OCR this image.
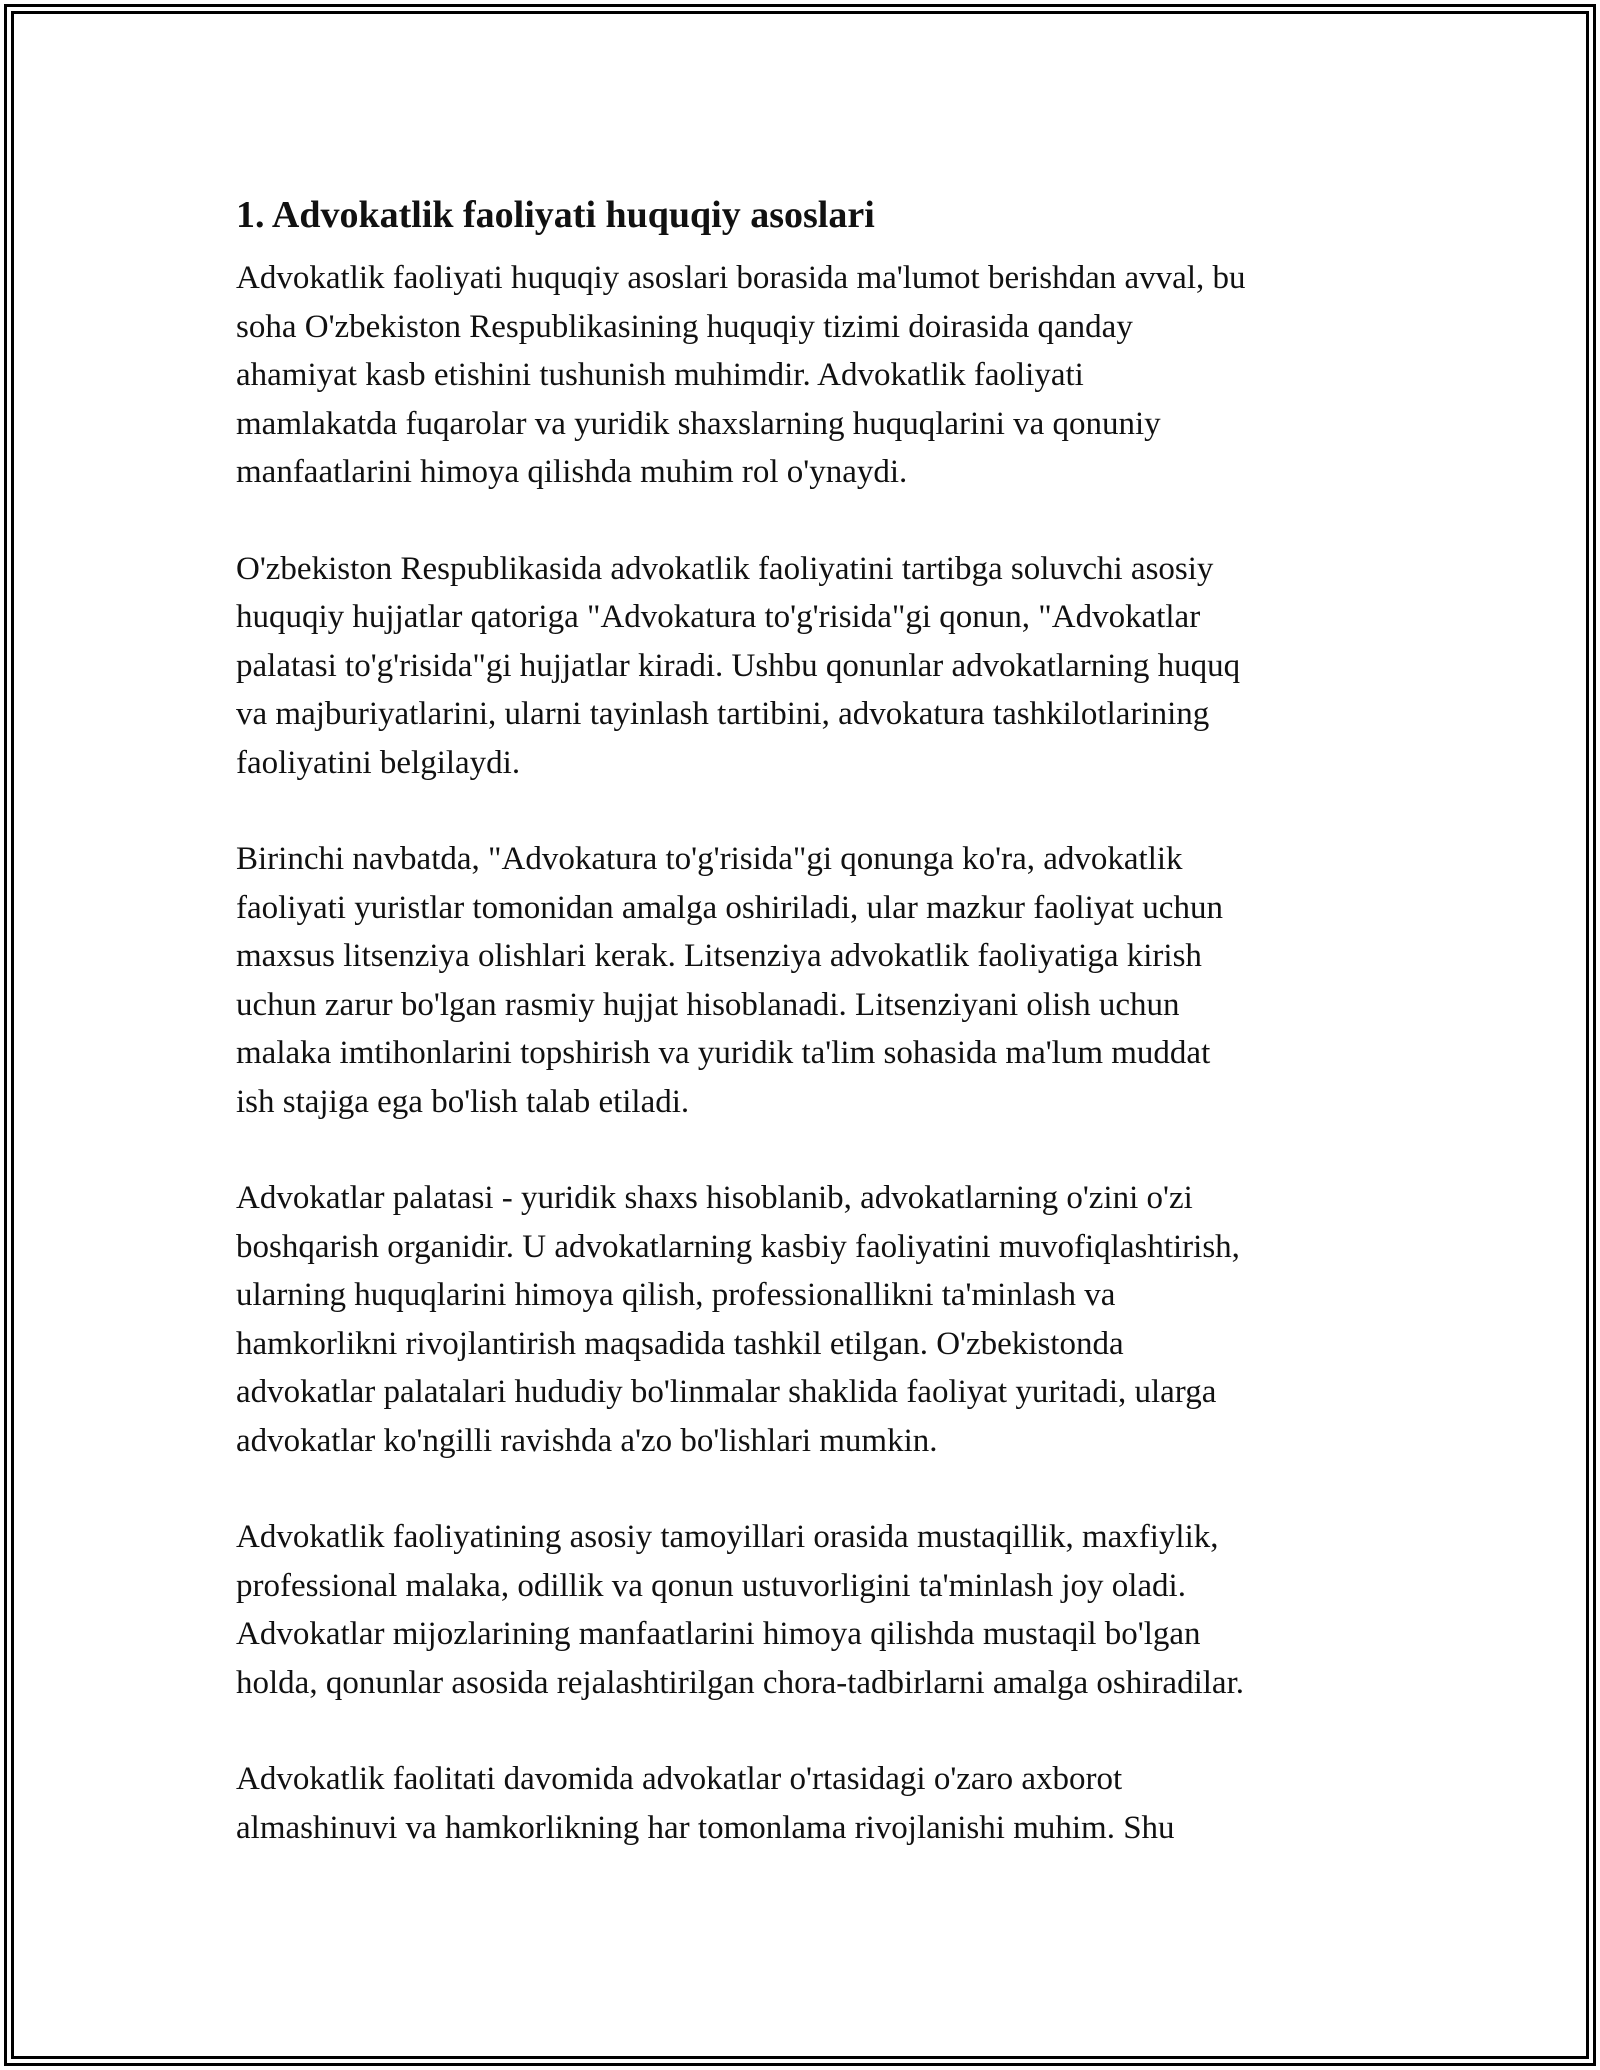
1. Advokatlik faoliyati huquqiy asoslari

Advokatlik faoliyati huquqiy asoslari borasida ma'lumot berishdan avval, bu
soha O'zbekiston Respublikasining huquqiy tizimi doirasida qanday
ahamiyat kasb etishini tushunish muhimdir. Advokatlik faoliyati
mamlakatda fuqarolar va yuridik shaxslarning huquqlarini va qonuniy
manfaatlarini himoya qilishda muhim rol o'ynaydi.

O'zbekiston Respublikasida advokatlik faoliyatini tartibga soluvchi asosiy
huquqiy hujjatlar qatoriga "Advokatura to'g'risida"gi qonun, "Advokatlar
palatasi to'g'risida"gi hujjatlar kiradi. Ushbu qonunlar advokatlarning huquq
va majburiyatlarini, ularni tayinlash tartibini, advokatura tashkilotlarining
faoliyatini belgilaydi.

Birinchi navbatda, "Advokatura to'g'risida"gi qonunga ko'ra, advokatlik
faoliyati yuristlar tomonidan amalga oshiriladi, ular mazkur faoliyat uchun
maxsus litsenziya olishlari kerak. Litsenziya advokatlik faoliyatiga kirish
uchun zarur bo'lgan rasmiy hujjat hisoblanadi. Litsenziyani olish uchun
malaka imtihonlarini topshirish va yuridik ta'lim sohasida ma'lum muddat
ish stajiga ega bo'lish talab etiladi.

Advokatlar palatasi - yuridik shaxs hisoblanib, advokatlarning o'zini o'zi
boshqarish organidir. U advokatlarning kasbiy faoliyatini muvofiqlashtirish,
ularning huquqlarini himoya qilish, professionallikni ta'minlash va
hamkorlikni rivojlantirish maqsadida tashkil etilgan. O'zbekistonda
advokatlar palatalari hududiy bo'linmalar shaklida faoliyat yuritadi, ularga
advokatlar ko'ngilli ravishda a'zo bo'lishlari mumkin.

Advokatlik faoliyatining asosiy tamoyillari orasida mustaqillik, maxfiylik,
professional malaka, odillik va qonun ustuvorligini ta'minlash joy oladi.
Advokatlar mijozlarining manfaatlarini himoya qilishda mustaqil bo'lgan
holda, qonunlar asosida rejalashtirilgan chora-tadbirlarni amalga oshiradilar.

Advokatlik faolitati davomida advokatlar o'rtasidagi o'zaro axborot
almashinuvi va hamkorlikning har tomonlama rivojlanishi muhim. Shu
